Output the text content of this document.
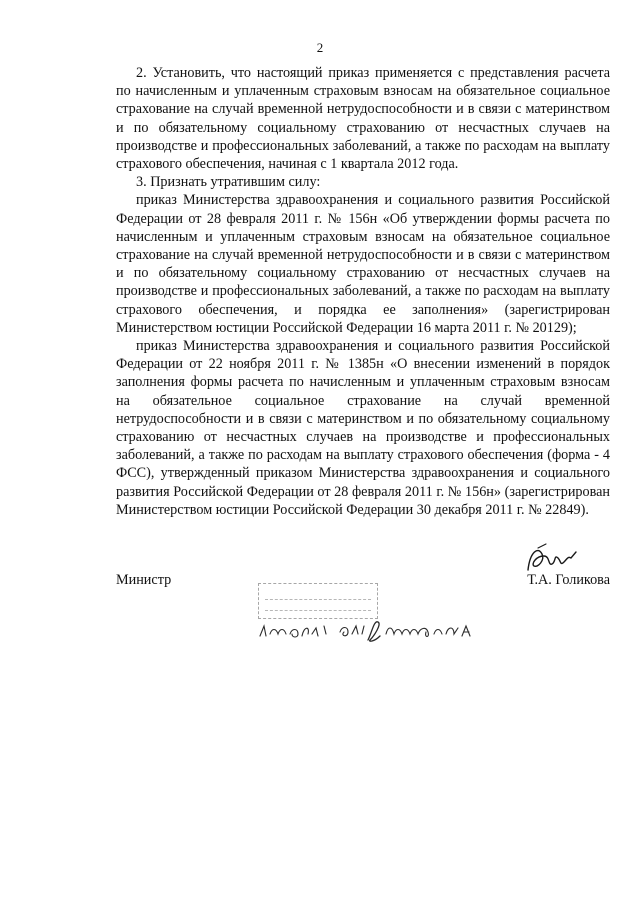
2

2. Установить, что настоящий приказ применяется с представления расчета по начисленным и уплаченным страховым взносам на обязательное социальное страхование на случай временной нетрудоспособности и в связи с материнством и по обязательному социальному страхованию от несчастных случаев на производстве и профессиональных заболеваний, а также по расходам на выплату страхового обеспечения, начиная с 1 квартала 2012 года.

3. Признать утратившим силу:

приказ Министерства здравоохранения и социального развития Российской Федерации от 28 февраля 2011 г. № 156н «Об утверждении формы расчета по начисленным и уплаченным страховым взносам на обязательное социальное страхование на случай временной нетрудоспособности и в связи с материнством и по обязательному социальному страхованию от несчастных случаев на производстве и профессиональных заболеваний, а также по расходам на выплату страхового обеспечения, и порядка ее заполнения» (зарегистрирован Министерством юстиции Российской Федерации 16 марта 2011 г. № 20129);

приказ Министерства здравоохранения и социального развития Российской Федерации от 22 ноября 2011 г. № 1385н «О внесении изменений в порядок заполнения формы расчета по начисленным и уплаченным страховым взносам на обязательное социальное страхование на случай временной нетрудоспособности и в связи с материнством и по обязательному социальному страхованию от несчастных случаев на производстве и профессиональных заболеваний, а также по расходам на выплату страхового обеспечения (форма - 4 ФСС), утвержденный приказом Министерства здравоохранения и социального развития Российской Федерации от 28 февраля 2011 г. № 156н» (зарегистрирован Министерством юстиции Российской Федерации 30 декабря 2011 г. № 22849).

Министр	Т.А. Голикова
